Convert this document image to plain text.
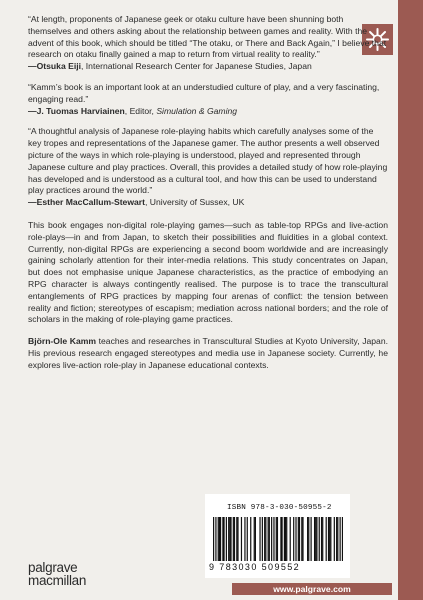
“At length, proponents of Japanese geek or otaku culture have been shunning both themselves and others asking about the relationship between games and reality. With the advent of this book, which should be titled “The otaku, or There and Back Again,” I believe that research on otaku finally gained a map to return from virtual reality to reality.”

—Otsuka Eiji, International Research Center for Japanese Studies, Japan

“Kamm’s book is an important look at an understudied culture of play, and a very fascinating, engaging read.”

—J. Tuomas Harviainen, Editor, Simulation & Gaming

“A thoughtful analysis of Japanese role-playing habits which carefully analyses some of the key tropes and representations of the Japanese gamer. The author presents a well observed picture of the ways in which role-playing is understood, played and represented through Japanese culture and play practices. Overall, this provides a detailed study of how role-playing has developed and is understood as a cultural tool, and how this can be used to understand play practices around the world.”

—Esther MacCallum-Stewart, University of Sussex, UK

This book engages non-digital role-playing games—such as table-top RPGs and live-action role-plays—in and from Japan, to sketch their possibilities and fluidities in a global context. Currently, non-digital RPGs are experiencing a second boom worldwide and are increasingly gaining scholarly attention for their inter-media relations. This study concentrates on Japan, but does not emphasise unique Japanese characteristics, as the practice of embodying an RPG character is always contingently realised. The purpose is to trace the transcultural entanglements of RPG practices by mapping four arenas of conflict: the tension between reality and fiction; stereotypes of escapism; mediation across national borders; and the role of scholars in the making of role-playing game practices.

Björn-Ole Kamm teaches and researches in Transcultural Studies at Kyoto University, Japan. His previous research engaged stereotypes and media use in Japanese society. Currently, he explores live-action role-play in Japanese educational contexts.

ISBN 978-3-030-50955-2
9 783030 509552
palgrave
macmillan
www.palgrave.com
